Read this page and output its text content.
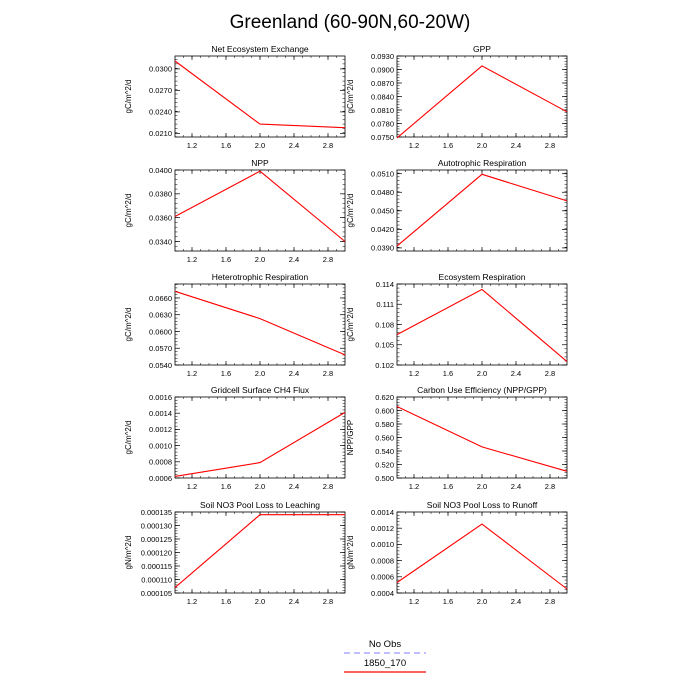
Greenland (60-90N,60-20W)
Net Ecosystem Exchange
1.2	1.6	2.0	2.4	2.8
0.0210
0.0240
0.0270
0.0300
gC/m^2/d
GPP
1.2	1.6	2.0	2.4	2.8
0.0750
0.0780
0.0810
0.0840
0.0870
0.0900
0.0930
gC/m^2/d
NPP
1.2	1.6	2.0	2.4	2.8
0.0340
0.0360
0.0380
0.0400
gC/m^2/d
Autotrophic Respiration
0.0390
0.0420
0.0450
0.0480
0.0510
gC/m^2/d
Heterotrophic Respiration
1.2	1.6	2.0	2.4	2.8
0.0540
0.0570
0.0600
0.0630
0.0660
gC/m^2/d
Ecosystem Respiration
1.2	1.6	2.0	2.4	2.8
0.102
0.105
0.108
0.111
0.114
gC/m^2/d
Gridcell Surface CH4 Flux
1.2	1.6	2.0	2.4	2.8
0.0006
0.0008
0.0010
0.0012
0.0014
0.0016
gC/m^2/d
Carbon Use Efficiency (NPP/GPP)
1.2	1.6	2.0	2.4	2.8
0.500
0.520
0.540
0.560
0.580
0.600
0.620
NPP/GPP
Soil NO3 Pool Loss to Leaching
1.2	1.6	2.0	2.4	2.8
0.000105
0.000110
0.000115
0.000120
0.000125
0.000130
0.000135
gN/m^2/d
Soil NO3 Pool Loss to Runoff
1.2	1.6	2.0	2.4	2.8
0.0004
0.0006
0.0008
0.0010
0.0012
0.0014
gN/m^2/d
No Obs
1850_170
